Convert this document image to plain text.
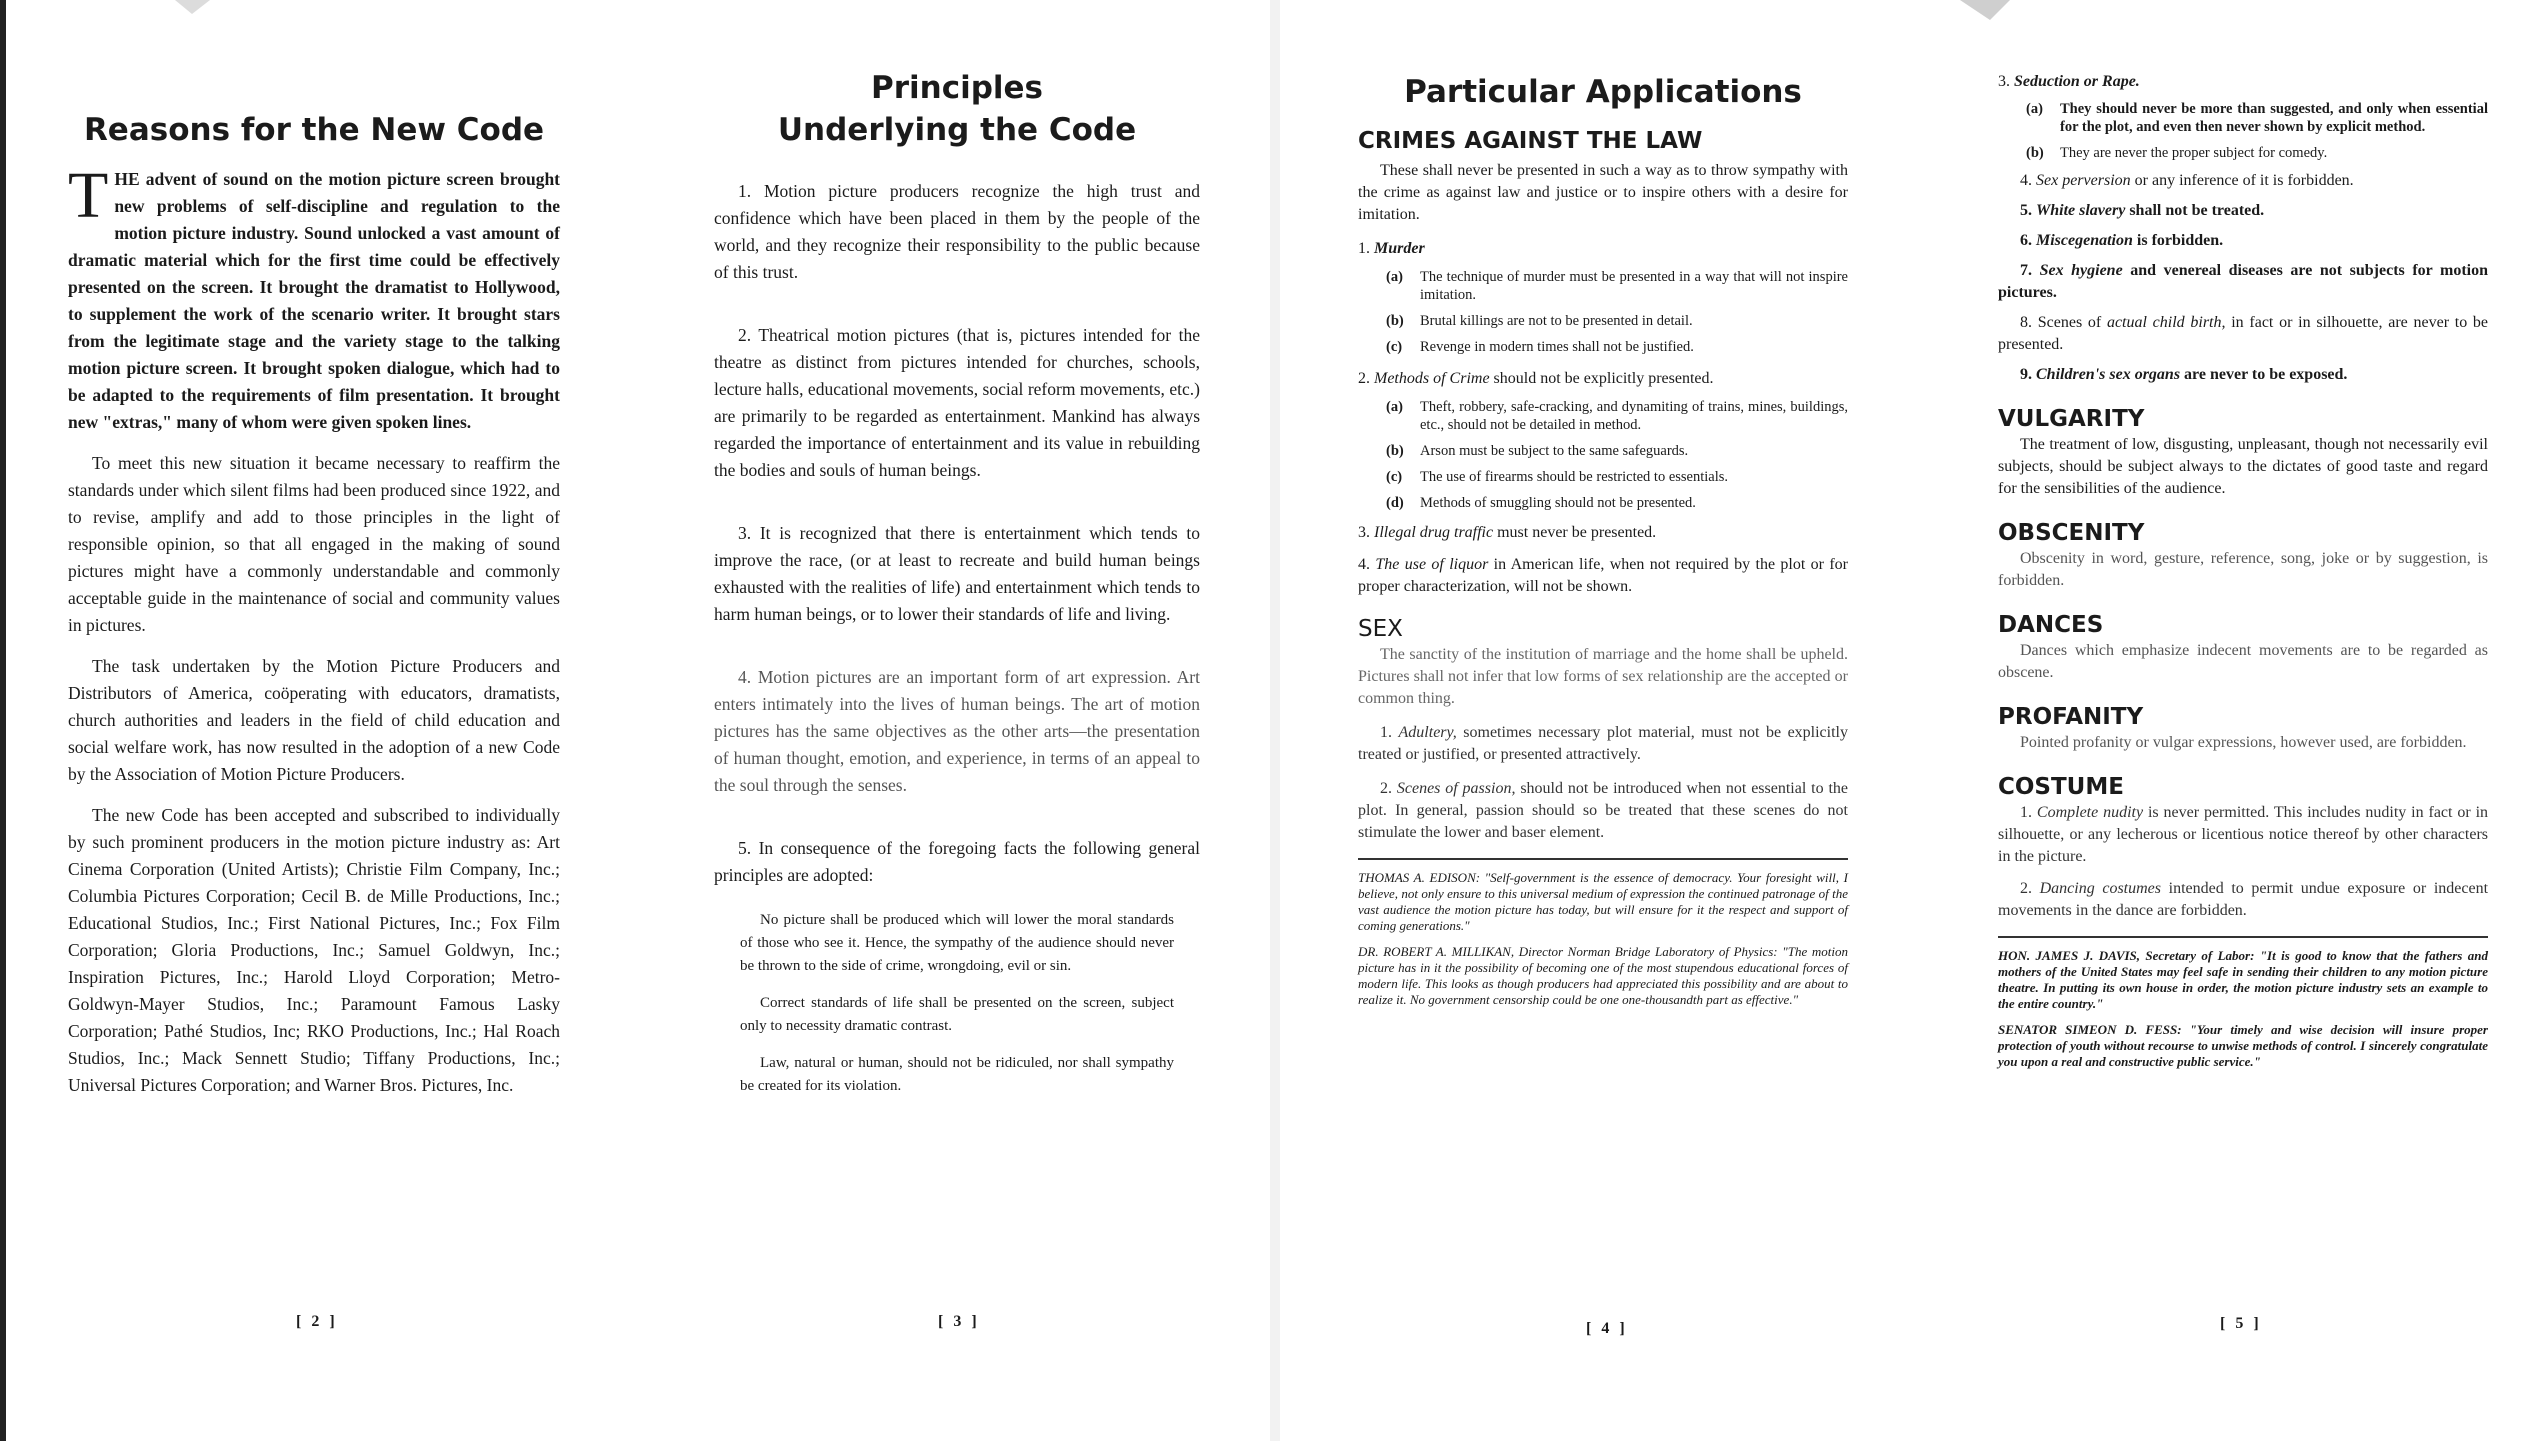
Reasons for the New Code

THE advent of sound on the motion picture screen brought new problems of self-discipline and regulation to the motion picture industry. Sound unlocked a vast amount of dramatic material which for the first time could be effectively presented on the screen. It brought the dramatist to Hollywood, to supplement the work of the scenario writer. It brought stars from the legitimate stage and the variety stage to the talking motion picture screen. It brought spoken dialogue, which had to be adapted to the requirements of film presentation. It brought new "extras," many of whom were given spoken lines.

To meet this new situation it became necessary to reaffirm the standards under which silent films had been produced since 1922, and to revise, amplify and add to those principles in the light of responsible opinion, so that all engaged in the making of sound pictures might have a commonly understandable and commonly acceptable guide in the maintenance of social and community values in pictures.

The task undertaken by the Motion Picture Producers and Distributors of America, coöperating with educators, dramatists, church authorities and leaders in the field of child education and social welfare work, has now resulted in the adoption of a new Code by the Association of Motion Picture Producers.

The new Code has been accepted and subscribed to individually by such prominent producers in the motion picture industry as: Art Cinema Corporation (United Artists); Christie Film Company, Inc.; Columbia Pictures Corporation; Cecil B. de Mille Productions, Inc.; Educational Studios, Inc.; First National Pictures, Inc.; Fox Film Corporation; Gloria Productions, Inc.; Samuel Goldwyn, Inc.; Inspiration Pictures, Inc.; Harold Lloyd Corporation; Metro-Goldwyn-Mayer Studios, Inc.; Paramount Famous Lasky Corporation; Pathé Studios, Inc; RKO Productions, Inc.; Hal Roach Studios, Inc.; Mack Sennett Studio; Tiffany Productions, Inc.; Universal Pictures Corporation; and Warner Bros. Pictures, Inc.

[ 2 ]
Principles
Underlying the Code

1. Motion picture producers recognize the high trust and confidence which have been placed in them by the people of the world, and they recognize their responsibility to the public because of this trust.

2. Theatrical motion pictures (that is, pictures intended for the theatre as distinct from pictures intended for churches, schools, lecture halls, educational movements, social reform movements, etc.) are primarily to be regarded as entertainment. Mankind has always regarded the importance of entertainment and its value in rebuilding the bodies and souls of human beings.

3. It is recognized that there is entertainment which tends to improve the race, (or at least to recreate and build human beings exhausted with the realities of life) and entertainment which tends to harm human beings, or to lower their standards of life and living.

4. Motion pictures are an important form of art expression. Art enters intimately into the lives of human beings. The art of motion pictures has the same objectives as the other arts—the presentation of human thought, emotion, and experience, in terms of an appeal to the soul through the senses.

5. In consequence of the foregoing facts the following general principles are adopted:

No picture shall be produced which will lower the moral standards of those who see it. Hence, the sympathy of the audience should never be thrown to the side of crime, wrongdoing, evil or sin.

Correct standards of life shall be presented on the screen, subject only to necessity dramatic contrast.

Law, natural or human, should not be ridiculed, nor shall sympathy be created for its violation.

[ 3 ]
Particular Applications
CRIMES AGAINST THE LAW

These shall never be presented in such a way as to throw sympathy with the crime as against law and justice or to inspire others with a desire for imitation.

1. Murder

(a) The technique of murder must be presented in a way that will not inspire imitation.
(b) Brutal killings are not to be presented in detail.
(c) Revenge in modern times shall not be justified.

2. Methods of Crime should not be explicitly presented.

(a) Theft, robbery, safe-cracking, and dynamiting of trains, mines, buildings, etc., should not be detailed in method.
(b) Arson must be subject to the same safeguards.
(c) The use of firearms should be restricted to essentials.
(d) Methods of smuggling should not be presented.

3. Illegal drug traffic must never be presented.

4. The use of liquor in American life, when not required by the plot or for proper characterization, will not be shown.

SEX

The sanctity of the institution of marriage and the home shall be upheld. Pictures shall not infer that low forms of sex relationship are the accepted or common thing.

1. Adultery, sometimes necessary plot material, must not be explicitly treated or justified, or presented attractively.

2. Scenes of passion, should not be introduced when not essential to the plot. In general, passion should so be treated that these scenes do not stimulate the lower and baser element.

THOMAS A. EDISON: "Self-government is the essence of democracy. Your foresight will, I believe, not only ensure to this universal medium of expression the continued patronage of the vast audience the motion picture has today, but will ensure for it the respect and support of coming generations."

DR. ROBERT A. MILLIKAN, Director Norman Bridge Laboratory of Physics: "The motion picture has in it the possibility of becoming one of the most stupendous educational forces of modern life. This looks as though producers had appreciated this possibility and are about to realize it. No government censorship could be one one-thousandth part as effective."

[ 4 ]

3. Seduction or Rape.

(a) They should never be more than suggested, and only when essential for the plot, and even then never shown by explicit method.
(b) They are never the proper subject for comedy.

4. Sex perversion or any inference of it is forbidden.

5. White slavery shall not be treated.

6. Miscegenation is forbidden.

7. Sex hygiene and venereal diseases are not subjects for motion pictures.

8. Scenes of actual child birth, in fact or in silhouette, are never to be presented.

9. Children's sex organs are never to be exposed.

VULGARITY

The treatment of low, disgusting, unpleasant, though not necessarily evil subjects, should be subject always to the dictates of good taste and regard for the sensibilities of the audience.

OBSCENITY

Obscenity in word, gesture, reference, song, joke or by suggestion, is forbidden.

DANCES

Dances which emphasize indecent movements are to be regarded as obscene.

PROFANITY

Pointed profanity or vulgar expressions, however used, are forbidden.

COSTUME

1. Complete nudity is never permitted. This includes nudity in fact or in silhouette, or any lecherous or licentious notice thereof by other characters in the picture.

2. Dancing costumes intended to permit undue exposure or indecent movements in the dance are forbidden.

HON. JAMES J. DAVIS, Secretary of Labor: "It is good to know that the fathers and mothers of the United States may feel safe in sending their children to any motion picture theatre. In putting its own house in order, the motion picture industry sets an example to the entire country."

SENATOR SIMEON D. FESS: "Your timely and wise decision will insure proper protection of youth without recourse to unwise methods of control. I sincerely congratulate you upon a real and constructive public service."

[ 5 ]
